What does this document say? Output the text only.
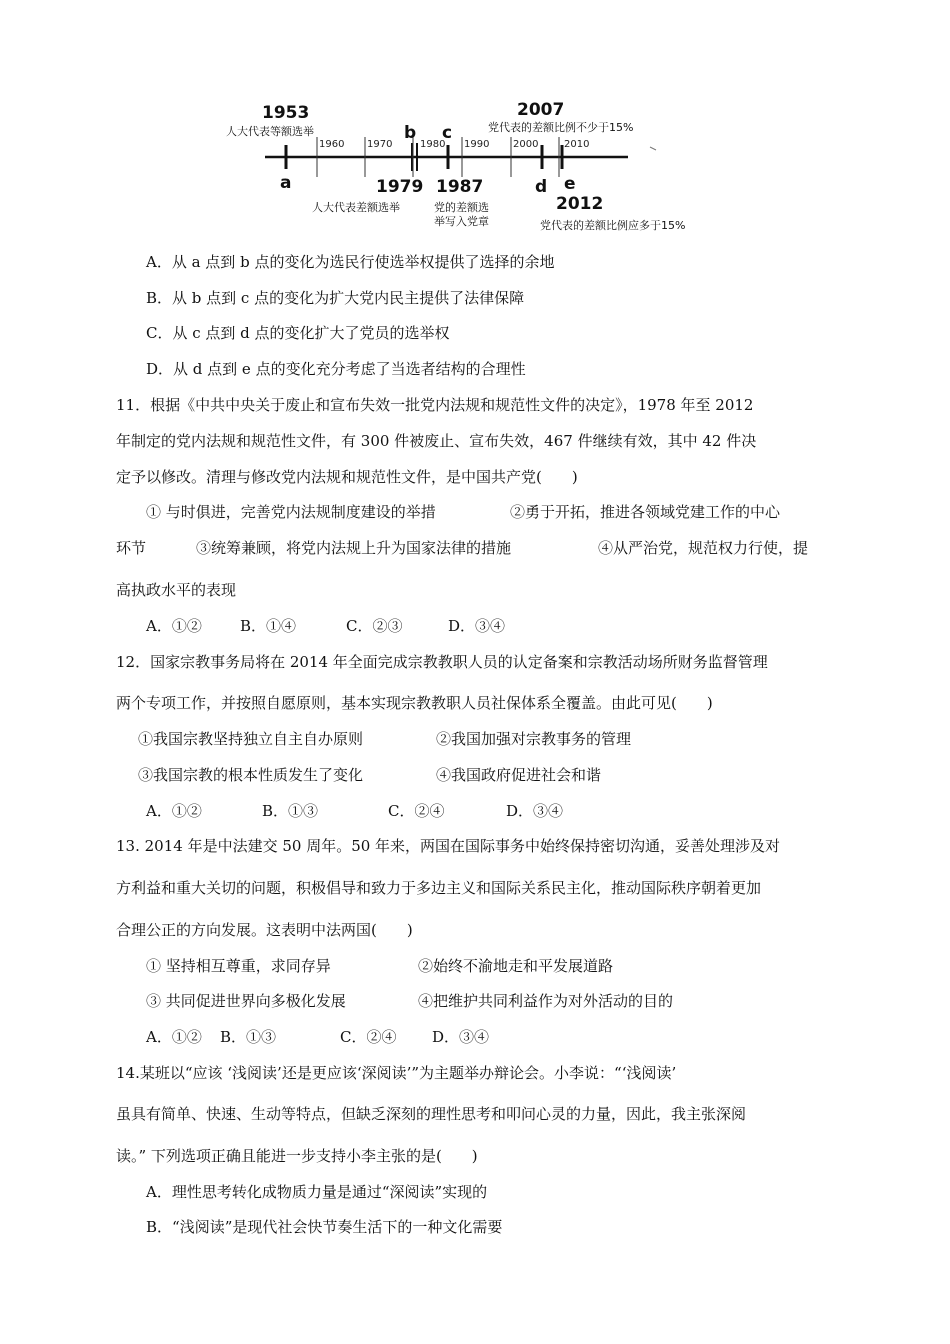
1953
人大代表等额选举	b c
2007
党代表的差额比例不少于15%
1960 1970	1980 1990 2000	2010
a	1979
人大代表差额选举
1987
党的差额选
举写入党章
d e
2012
党代表的差额比例应多于15%
A．从 a 点到 b 点的变化为选民行使选举权提供了选择的余地
B．从 b 点到 c 点的变化为扩大党内民主提供了法律保障
C．从 c 点到 d 点的变化扩大了党员的选举权
D．从 d 点到 e 点的变化充分考虑了当选者结构的合理性
11．根据《中共中央关于废止和宣布失效一批党内法规和规范性文件的决定》，1978 年至 2012
年制定的党内法规和规范性文件，有 300 件被废止、宣布失效，467 件继续有效，其中 42 件决
定予以修改。清理与修改党内法规和规范性文件，是中国共产党(　　)
① 与时俱进，完善党内法规制度建设的举措	②勇于开拓，推进各领域党建工作的中心
环节	③统筹兼顾，将党内法规上升为国家法律的措施	④从严治党，规范权力行使，提
高执政水平的表现
A．①②	B．①④	C．②③	D．③④
12．国家宗教事务局将在 2014 年全面完成宗教教职人员的认定备案和宗教活动场所财务监督管理
两个专项工作，并按照自愿原则，基本实现宗教教职人员社保体系全覆盖。由此可见(　　)
①我国宗教坚持独立自主自办原则	②我国加强对宗教事务的管理
③我国宗教的根本性质发生了变化	④我国政府促进社会和谐
A．①②	B．①③	C．②④	D．③④
13. 2014 年是中法建交 50 周年。50 年来，两国在国际事务中始终保持密切沟通，妥善处理涉及对
方利益和重大关切的问题，积极倡导和致力于多边主义和国际关系民主化，推动国际秩序朝着更加
合理公正的方向发展。这表明中法两国(　　)
① 坚持相互尊重，求同存异	②始终不渝地走和平发展道路
③ 共同促进世界向多极化发展	④把维护共同利益作为对外活动的目的
A．①② B．①③	C．②④ D．③④
14.某班以“应该 ‘浅阅读’还是更应该‘深阅读’”为主题举办辩论会。小李说：“‘浅阅读’
虽具有简单、快速、生动等特点，但缺乏深刻的理性思考和叩问心灵的力量，因此，我主张深阅
读。” 下列选项正确且能进一步支持小李主张的是(　　)
A．理性思考转化成物质力量是通过“深阅读”实现的
B．“浅阅读”是现代社会快节奏生活下的一种文化需要
